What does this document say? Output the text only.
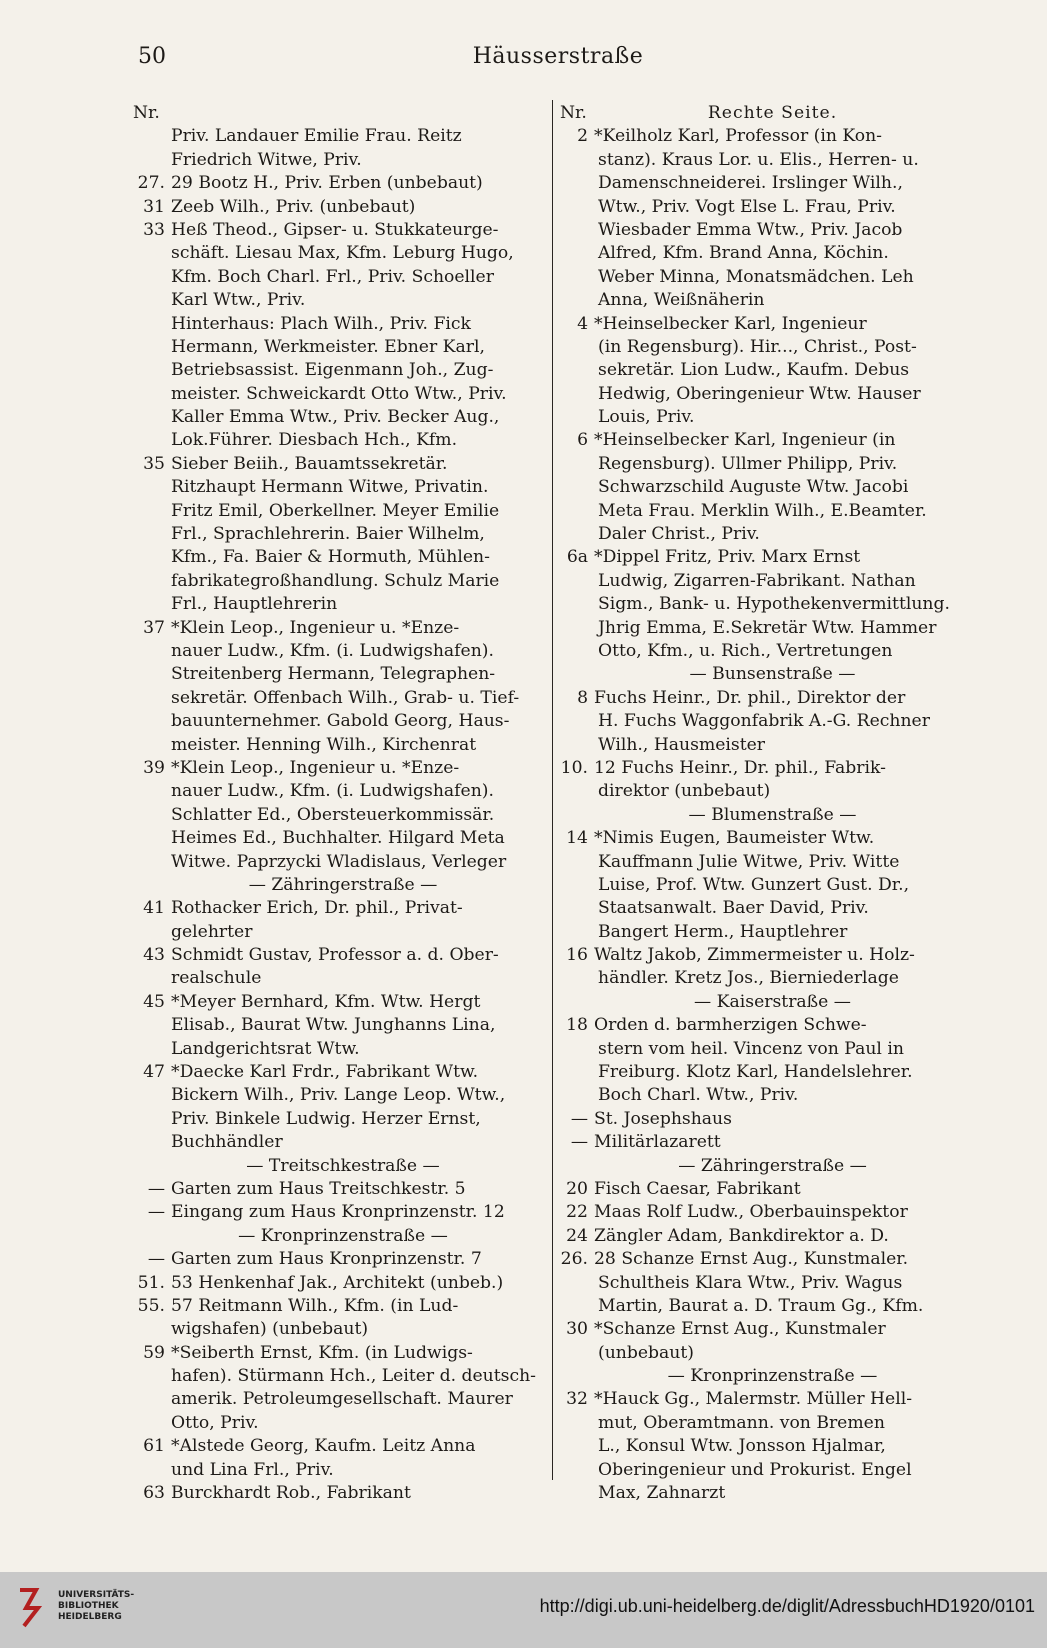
50	Häusserstraße
Nr.
Priv. Landauer Emilie Frau. Reitz
Friedrich Witwe, Priv.
27. 29 Bootz H., Priv. Erben (unbebaut)
31 Zeeb Wilh., Priv. (unbebaut)
33 Heß Theod., Gipser- u. Stukkateurge-
schäft. Liesau Max, Kfm. Leburg Hugo,
Kfm. Boch Charl. Frl., Priv. Schoeller
Karl Wtw., Priv.
Hinterhaus: Plach Wilh., Priv. Fick
Hermann, Werkmeister. Ebner Karl,
Betriebsassist. Eigenmann Joh., Zug-
meister. Schweickardt Otto Wtw., Priv.
Kaller Emma Wtw., Priv. Becker Aug.,
Lok.Führer. Diesbach Hch., Kfm.
35 Sieber Beiih., Bauamtssekretär.
Ritzhaupt Hermann Witwe, Privatin.
Fritz Emil, Oberkellner. Meyer Emilie
Frl., Sprachlehrerin. Baier Wilhelm,
Kfm., Fa. Baier & Hormuth, Mühlen-
fabrikategroßhandlung. Schulz Marie
Frl., Hauptlehrerin
37 *Klein Leop., Ingenieur u. *Enze-
nauer Ludw., Kfm. (i. Ludwigshafen).
Streitenberg Hermann, Telegraphen-
sekretär. Offenbach Wilh., Grab- u. Tief-
bauunternehmer. Gabold Georg, Haus-
meister. Henning Wilh., Kirchenrat
39 *Klein Leop., Ingenieur u. *Enze-
nauer Ludw., Kfm. (i. Ludwigshafen).
Schlatter Ed., Obersteuerkommissär.
Heimes Ed., Buchhalter. Hilgard Meta
Witwe. Paprzycki Wladislaus, Verleger
— Zähringerstraße —
41 Rothacker Erich, Dr. phil., Privat-
gelehrter
43 Schmidt Gustav, Professor a. d. Ober-
realschule
45 *Meyer Bernhard, Kfm. Wtw. Hergt
Elisab., Baurat Wtw. Junghanns Lina,
Landgerichtsrat Wtw.
47 *Daecke Karl Frdr., Fabrikant Wtw.
Bickern Wilh., Priv. Lange Leop. Wtw.,
Priv. Binkele Ludwig. Herzer Ernst,
Buchhändler
— Treitschkestraße —
— Garten zum Haus Treitschkestr. 5
— Eingang zum Haus Kronprinzenstr. 12
— Kronprinzenstraße —
— Garten zum Haus Kronprinzenstr. 7
51. 53 Henkenhaf Jak., Architekt (unbeb.)
55. 57 Reitmann Wilh., Kfm. (in Lud-
wigshafen) (unbebaut)
59 *Seiberth Ernst, Kfm. (in Ludwigs-
hafen). Stürmann Hch., Leiter d. deutsch-
amerik. Petroleumgesellschaft. Maurer
Otto, Priv.
61 *Alstede Georg, Kaufm. Leitz Anna
und Lina Frl., Priv.
63 Burckhardt Rob., Fabrikant
Nr.	Rechte Seite.
2 *Keilholz Karl, Professor (in Kon-
stanz). Kraus Lor. u. Elis., Herren- u.
Damenschneiderei. Irslinger Wilh.,
Wtw., Priv. Vogt Else L. Frau, Priv.
Wiesbader Emma Wtw., Priv. Jacob
Alfred, Kfm. Brand Anna, Köchin.
Weber Minna, Monatsmädchen. Leh
Anna, Weißnäherin
4 *Heinselbecker Karl, Ingenieur
(in Regensburg). Hir..., Christ., Post-
sekretär. Lion Ludw., Kaufm. Debus
Hedwig, Oberingenieur Wtw. Hauser
Louis, Priv.
6 *Heinselbecker Karl, Ingenieur (in
Regensburg). Ullmer Philipp, Priv.
Schwarzschild Auguste Wtw. Jacobi
Meta Frau. Merklin Wilh., E.Beamter.
Daler Christ., Priv.
6a *Dippel Fritz, Priv. Marx Ernst
Ludwig, Zigarren-Fabrikant. Nathan
Sigm., Bank- u. Hypothekenvermittlung.
Jhrig Emma, E.Sekretär Wtw. Hammer
Otto, Kfm., u. Rich., Vertretungen
— Bunsenstraße —
8 Fuchs Heinr., Dr. phil., Direktor der
H. Fuchs Waggonfabrik A.-G. Rechner
Wilh., Hausmeister
10. 12 Fuchs Heinr., Dr. phil., Fabrik-
direktor (unbebaut)
— Blumenstraße —
14 *Nimis Eugen, Baumeister Wtw.
Kauffmann Julie Witwe, Priv. Witte
Luise, Prof. Wtw. Gunzert Gust. Dr.,
Staatsanwalt. Baer David, Priv.
Bangert Herm., Hauptlehrer
16 Waltz Jakob, Zimmermeister u. Holz-
händler. Kretz Jos., Bierniederlage
— Kaiserstraße —
18 Orden d. barmherzigen Schwe-
stern vom heil. Vincenz von Paul in
Freiburg. Klotz Karl, Handelslehrer.
Boch Charl. Wtw., Priv.
— St. Josephshaus
— Militärlazarett
— Zähringerstraße —
20 Fisch Caesar, Fabrikant
22 Maas Rolf Ludw., Oberbauinspektor
24 Zängler Adam, Bankdirektor a. D.
26. 28 Schanze Ernst Aug., Kunstmaler.
Schultheis Klara Wtw., Priv. Wagus
Martin, Baurat a. D. Traum Gg., Kfm.
30 *Schanze Ernst Aug., Kunstmaler
(unbebaut)
— Kronprinzenstraße —
32 *Hauck Gg., Malermstr. Müller Hell-
mut, Oberamtmann. von Bremen
L., Konsul Wtw. Jonsson Hjalmar,
Oberingenieur und Prokurist. Engel
Max, Zahnarzt
UNIVERSITÄTS-
BIBLIOTHEK
HEIDELBERG
http://digi.ub.uni-heidelberg.de/diglit/AdressbuchHD1920/0101
